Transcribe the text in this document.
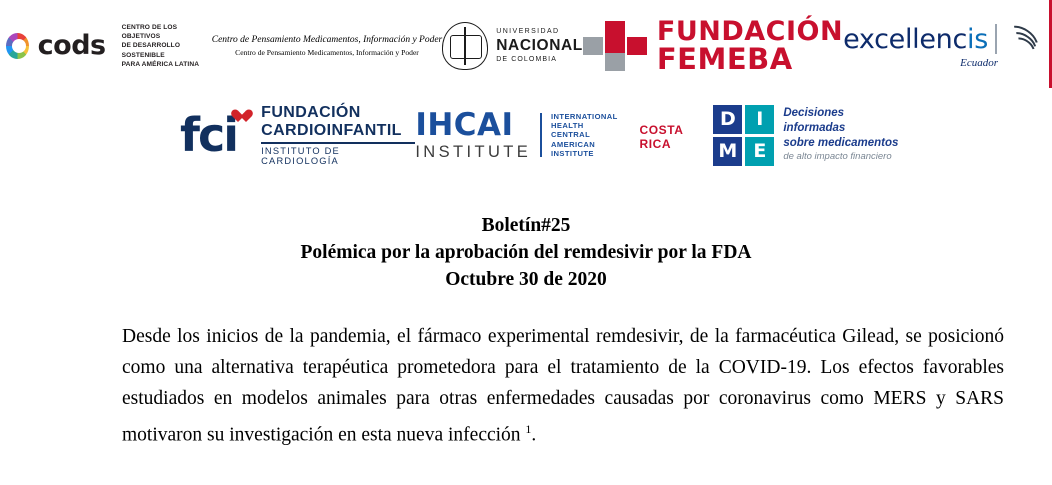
cods
CENTRO DE LOS OBJETIVOS
DE DESARROLLO SOSTENIBLE
PARA AMÉRICA LATINA
Centro de Pensamiento Medicamentos, Información y Poder
Centro de Pensamiento Medicamentos, Información y Poder
UNIVERSIDAD
NACIONAL
DE COLOMBIA
FUNDACIÓN
FEMEBA
excellencis
Ecuador
fci	FUNDACIÓN
CARDIOINFANTIL
INSTITUTO DE CARDIOLOGÍA
IHCAI
INSTITUTE
INTERNATIONAL
HEALTH
CENTRAL AMERICAN
INSTITUTE
COSTA RICA
D	I
M E
Decisiones informadas
sobre medicamentos
de alto impacto financiero
Boletín#25
Polémica por la aprobación del remdesivir por la FDA
Octubre 30 de 2020
Desde los inicios de la pandemia, el fármaco experimental remdesivir, de la farmacéutica Gilead, se posicionó como una alternativa terapéutica prometedora para el tratamiento de la COVID-19. Los efectos favorables estudiados en modelos animales para otras enfermedades causadas por coronavirus como MERS y SARS motivaron su investigación en esta nueva infección $^1$.
